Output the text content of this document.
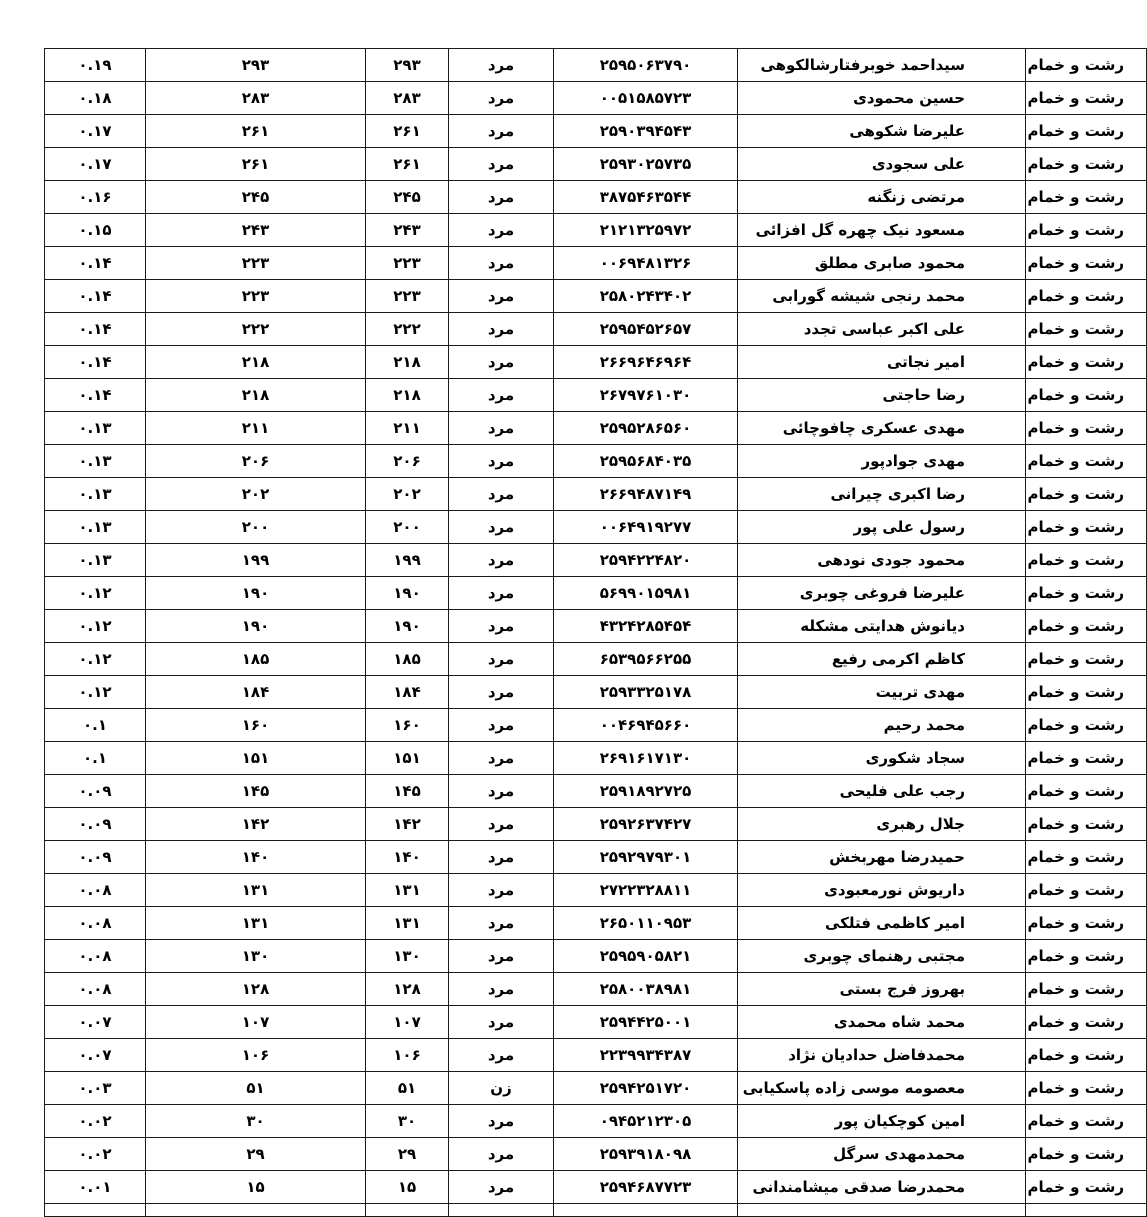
۰.۱۹	۲۹۳	۲۹۳	مرد	۲۵۹۵۰۶۳۷۹۰	سیداحمد خوبرفتارشالکوهی	رشت و خمام
۰.۱۸	۲۸۳	۲۸۳	مرد	۰۰۵۱۵۸۵۷۲۳	حسین محمودی	رشت و خمام
۰.۱۷	۲۶۱	۲۶۱	مرد	۲۵۹۰۳۹۴۵۴۳	علیرضا شکوهی	رشت و خمام
۰.۱۷	۲۶۱	۲۶۱	مرد	۲۵۹۳۰۲۵۷۳۵	علی سجودی	رشت و خمام
۰.۱۶	۲۴۵	۲۴۵	مرد	۳۸۷۵۴۶۳۵۴۴	مرتضی زنگنه	رشت و خمام
۰.۱۵	۲۴۳	۲۴۳	مرد	۲۱۲۱۳۲۵۹۷۲	مسعود نیک چهره گل افزائی	رشت و خمام
۰.۱۴	۲۲۳	۲۲۳	مرد	۰۰۶۹۴۸۱۳۲۶	محمود صابری مطلق	رشت و خمام
۰.۱۴	۲۲۳	۲۲۳	مرد	۲۵۸۰۲۴۳۴۰۲	محمد رنجی شیشه گورابی	رشت و خمام
۰.۱۴	۲۲۲	۲۲۲	مرد	۲۵۹۵۴۵۲۶۵۷	علی اکبر عباسی تجدد	رشت و خمام
۰.۱۴	۲۱۸	۲۱۸	مرد	۲۶۶۹۶۴۶۹۶۴	امیر نجاتی	رشت و خمام
۰.۱۴	۲۱۸	۲۱۸	مرد	۲۶۷۹۷۶۱۰۳۰	رضا حاجتی	رشت و خمام
۰.۱۳	۲۱۱	۲۱۱	مرد	۲۵۹۵۲۸۶۵۶۰	مهدی عسکری چافوچائی	رشت و خمام
۰.۱۳	۲۰۶	۲۰۶	مرد	۲۵۹۵۶۸۴۰۳۵	مهدی جوادپور	رشت و خمام
۰.۱۳	۲۰۲	۲۰۲	مرد	۲۶۶۹۴۸۷۱۴۹	رضا اکبری چیرانی	رشت و خمام
۰.۱۳	۲۰۰	۲۰۰	مرد	۰۰۶۴۹۱۹۲۷۷	رسول علی پور	رشت و خمام
۰.۱۳	۱۹۹	۱۹۹	مرد	۲۵۹۴۲۲۴۸۲۰	محمود جودی نودهی	رشت و خمام
۰.۱۲	۱۹۰	۱۹۰	مرد	۵۶۹۹۰۱۵۹۸۱	علیرضا فروغی چوبری	رشت و خمام
۰.۱۲	۱۹۰	۱۹۰	مرد	۴۳۲۴۲۸۵۴۵۴	دیانوش هدایتی مشکله	رشت و خمام
۰.۱۲	۱۸۵	۱۸۵	مرد	۶۵۳۹۵۶۶۲۵۵	کاظم اکرمی رفیع	رشت و خمام
۰.۱۲	۱۸۴	۱۸۴	مرد	۲۵۹۳۳۲۵۱۷۸	مهدی تربیت	رشت و خمام
۰.۱	۱۶۰	۱۶۰	مرد	۰۰۴۶۹۴۵۶۶۰	محمد رحیم	رشت و خمام
۰.۱	۱۵۱	۱۵۱	مرد	۲۶۹۱۶۱۷۱۳۰	سجاد شکوری	رشت و خمام
۰.۰۹	۱۴۵	۱۴۵	مرد	۲۵۹۱۸۹۲۷۲۵	رجب علی فلیحی	رشت و خمام
۰.۰۹	۱۴۲	۱۴۲	مرد	۲۵۹۲۶۳۷۴۲۷	جلال رهبری	رشت و خمام
۰.۰۹	۱۴۰	۱۴۰	مرد	۲۵۹۲۹۷۹۳۰۱	حمیدرضا مهربخش	رشت و خمام
۰.۰۸	۱۳۱	۱۳۱	مرد	۲۷۲۲۳۲۸۸۱۱	داریوش نورمعبودی	رشت و خمام
۰.۰۸	۱۳۱	۱۳۱	مرد	۲۶۵۰۱۱۰۹۵۳	امیر کاظمی فتلکی	رشت و خمام
۰.۰۸	۱۳۰	۱۳۰	مرد	۲۵۹۵۹۰۵۸۲۱	مجتبی رهنمای چوبری	رشت و خمام
۰.۰۸	۱۲۸	۱۲۸	مرد	۲۵۸۰۰۳۸۹۸۱	بهروز فرج بستی	رشت و خمام
۰.۰۷	۱۰۷	۱۰۷	مرد	۲۵۹۴۴۲۵۰۰۱	محمد شاه محمدی	رشت و خمام
۰.۰۷	۱۰۶	۱۰۶	مرد	۲۲۳۹۹۳۴۳۸۷	محمدفاضل حدادیان نژاد	رشت و خمام
۰.۰۳	۵۱	۵۱	زن	۲۵۹۴۲۵۱۷۲۰	معصومه موسی زاده پاسکیابی	رشت و خمام
۰.۰۲	۳۰	۳۰	مرد	۰۹۴۵۲۱۲۳۰۵	امین کوچکیان پور	رشت و خمام
۰.۰۲	۲۹	۲۹	مرد	۲۵۹۳۹۱۸۰۹۸	محمدمهدی سرگل	رشت و خمام
۰.۰۱	۱۵	۱۵	مرد	۲۵۹۴۶۸۷۷۲۳	محمدرضا صدقی میشامندانی	رشت و خمام
